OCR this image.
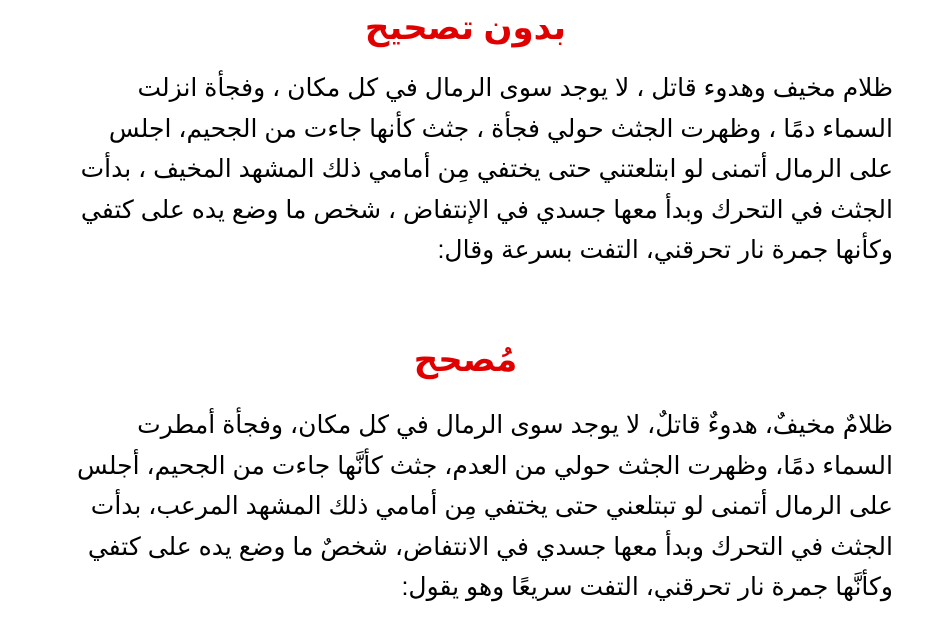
بدون تصحيح
ظلام مخيف وهدوء قاتل ، لا يوجد سوى الرمال في كل مكان ، وفجأة انزلت
السماء دمًا ، وظهرت الجثث حولي فجأة ، جثث كأنها جاءت من الجحيم، اجلس
على الرمال أتمنى لو ابتلعتني حتى يختفي مِن أمامي ذلك المشهد المخيف ، بدأت
الجثث في التحرك وبدأ معها جسدي في الإنتفاض ، شخص ما وضع يده على كتفي
وكأنها جمرة نار تحرقني، التفت بسرعة وقال:
مُصحح
ظلامٌ مخيفٌ، هدوءٌ قاتلٌ، لا يوجد سوى الرمال في كل مكان، وفجأة أمطرت
السماء دمًا، وظهرت الجثث حولي من العدم، جثث كأنَّها جاءت من الجحيم، أجلس
على الرمال أتمنى لو تبتلعني حتى يختفي مِن أمامي ذلك المشهد المرعب، بدأت
الجثث في التحرك وبدأ معها جسدي في الانتفاض، شخصٌ ما وضع يده على كتفي
وكأنَّها جمرة نار تحرقني، التفت سريعًا وهو يقول:
